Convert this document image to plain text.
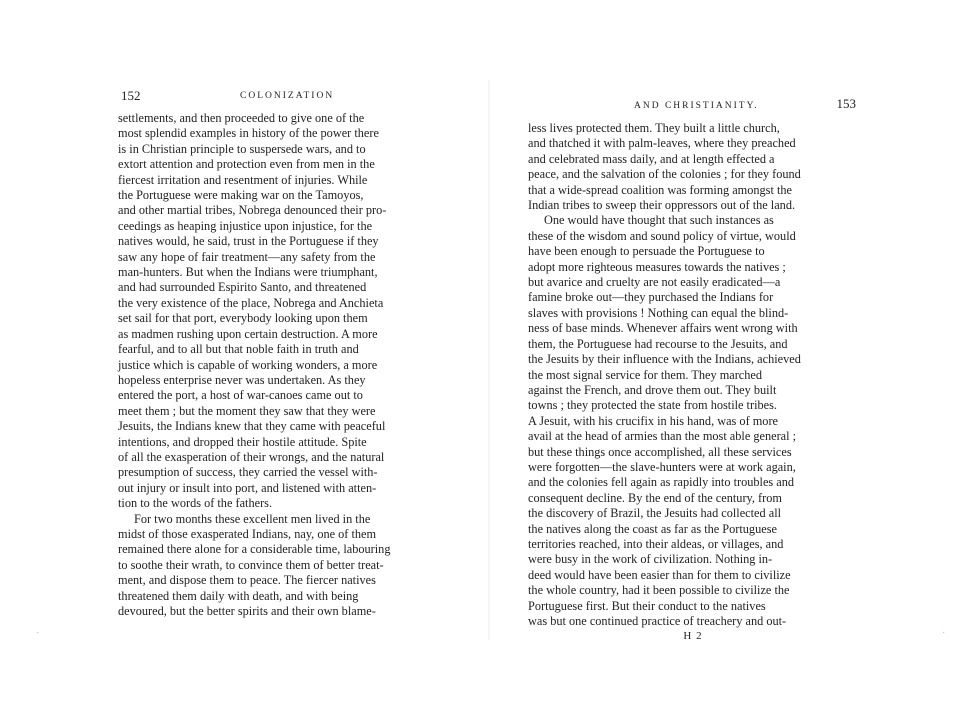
·	·
152	COLONIZATION
settlements, and then proceeded to give one of the
most splendid examples in history of the power there
is in Christian principle to suspersede wars, and to
extort attention and protection even from men in the
fiercest irritation and resentment of injuries. While
the Portuguese were making war on the Tamoyos,
and other martial tribes, Nobrega denounced their pro-
ceedings as heaping injustice upon injustice, for the
natives would, he said, trust in the Portuguese if they
saw any hope of fair treatment—any safety from the
man-hunters. But when the Indians were triumphant,
and had surrounded Espirito Santo, and threatened
the very existence of the place, Nobrega and Anchieta
set sail for that port, everybody looking upon them
as madmen rushing upon certain destruction. A more
fearful, and to all but that noble faith in truth and
justice which is capable of working wonders, a more
hopeless enterprise never was undertaken. As they
entered the port, a host of war-canoes came out to
meet them ; but the moment they saw that they were
Jesuits, the Indians knew that they came with peaceful
intentions, and dropped their hostile attitude. Spite
of all the exasperation of their wrongs, and the natural
presumption of success, they carried the vessel with-
out injury or insult into port, and listened with atten-
tion to the words of the fathers.
For two months these excellent men lived in the
midst of those exasperated Indians, nay, one of them
remained there alone for a considerable time, labouring
to soothe their wrath, to convince them of better treat-
ment, and dispose them to peace. The fiercer natives
threatened them daily with death, and with being
devoured, but the better spirits and their own blame-
AND CHRISTIANITY.	153
less lives protected them. They built a little church,
and thatched it with palm-leaves, where they preached
and celebrated mass daily, and at length effected a
peace, and the salvation of the colonies ; for they found
that a wide-spread coalition was forming amongst the
Indian tribes to sweep their oppressors out of the land.
One would have thought that such instances as
these of the wisdom and sound policy of virtue, would
have been enough to persuade the Portuguese to
adopt more righteous measures towards the natives ;
but avarice and cruelty are not easily eradicated—a
famine broke out—they purchased the Indians for
slaves with provisions ! Nothing can equal the blind-
ness of base minds. Whenever affairs went wrong with
them, the Portuguese had recourse to the Jesuits, and
the Jesuits by their influence with the Indians, achieved
the most signal service for them. They marched
against the French, and drove them out. They built
towns ; they protected the state from hostile tribes.
A Jesuit, with his crucifix in his hand, was of more
avail at the head of armies than the most able general ;
but these things once accomplished, all these services
were forgotten—the slave-hunters were at work again,
and the colonies fell again as rapidly into troubles and
consequent decline. By the end of the century, from
the discovery of Brazil, the Jesuits had collected all
the natives along the coast as far as the Portuguese
territories reached, into their aldeas, or villages, and
were busy in the work of civilization. Nothing in-
deed would have been easier than for them to civilize
the whole country, had it been possible to civilize the
Portuguese first. But their conduct to the natives
was but one continued practice of treachery and out-
H 2
